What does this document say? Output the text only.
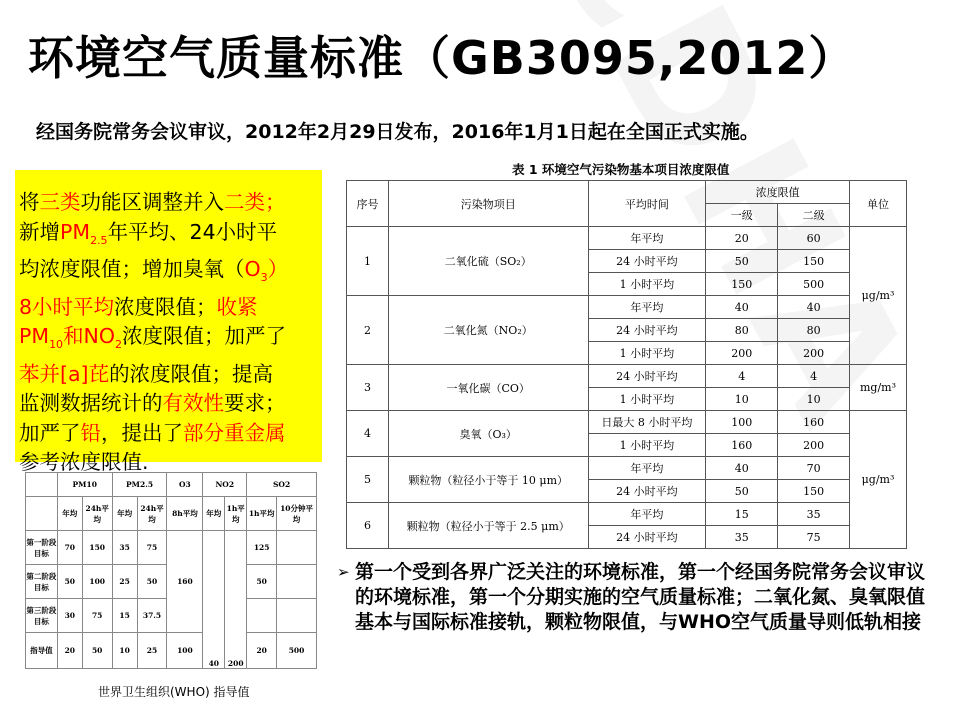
环境空气质量标准（GB3095,2012）
经国务院常务会议审议，2012年2月29日发布，2016年1月1日起在全国正式实施。
将三类功能区调整并入二类；
新增$PM_{2.5}$年平均、24小时平
均浓度限值；增加臭氧$(O_3)$
8小时平均浓度限值；收紧
$PM_{10}$和$NO_2$浓度限值；加严了
苯并[a]芘的浓度限值；提高
监测数据统计的有效性要求；
加严了铅，提出了部分重金属
参考浓度限值.
表 1 环境空气污染物基本项目浓度限值
序号	污染物项目	平均时间	浓度限值		单位
			一级	二级	
1	二氧化硫（SO₂）	年平均	20	60	μg/m³
		24 小时平均	50	150	
		1 小时平均	150	500	
2	二氧化氮（NO₂）	年平均	40	40	
		24 小时平均	80	80	
		1 小时平均	200	200	
3	一氧化碳（CO）	24 小时平均	4	4	mg/m³
		1 小时平均	10	10	
4	臭氧（O₃）	日最大 8 小时平均	100	160	μg/m³
		1 小时平均	160	200	
5	颗粒物（粒径小于等于 10 μm）	年平均	40	70	
		24 小时平均	50	150	
6	颗粒物（粒径小于等于 2.5 μm）	年平均	15	35	
		24 小时平均	35	75	
	PM10		PM2.5		O3	NO2		SO2	
	年均	24h平均	年均	24h平均	8h平均	年均	1h平均	1h平均	10分钟平均
第一阶段目标	70	150	35	75	160	40	200	125	
第二阶段目标	50	100	25	50				50	
第三阶段目标	30	75	15	37.5					
指导值	20	50	10	25	100			20	500
世界卫生组织(WHO) 指导值
➢ 第一个受到各界广泛关注的环境标准，第一个经国务院常务会议审议的环境标准，第一个分期实施的空气质量标准；二氧化氮、臭氧限值基本与国际标准接轨，颗粒物限值，与WHO空气质量导则低轨相接
